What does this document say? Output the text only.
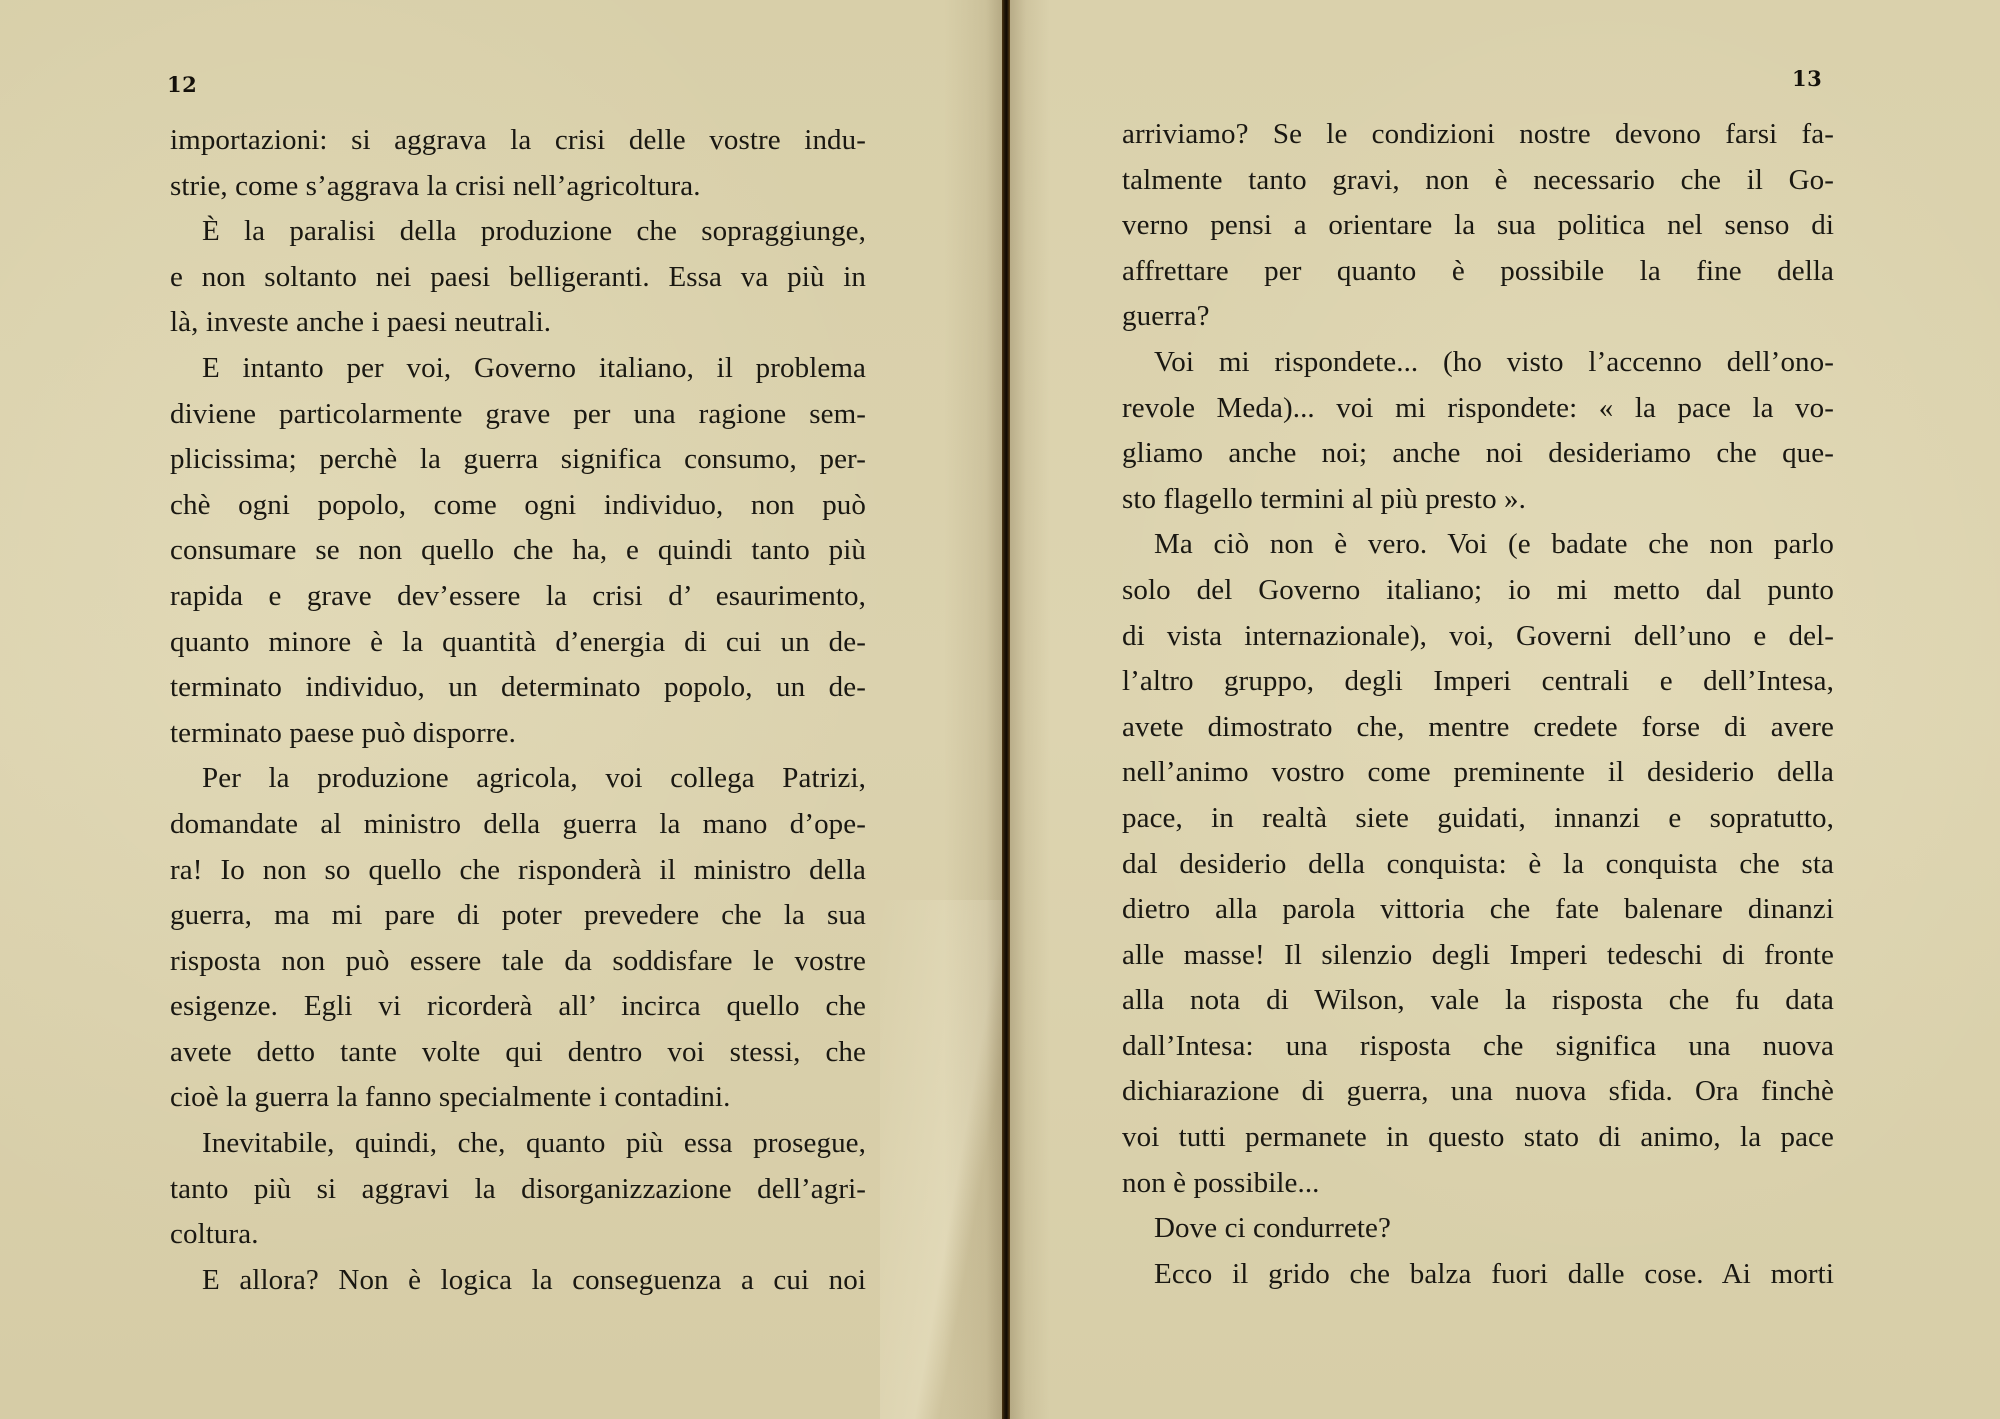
12
importazioni: si aggrava la crisi delle vostre indu-
strie, come s’aggrava la crisi nell’agricoltura.
È la paralisi della produzione che sopraggiunge,
e non soltanto nei paesi belligeranti. Essa va più in
là, investe anche i paesi neutrali.
E intanto per voi, Governo italiano, il problema
diviene particolarmente grave per una ragione sem-
plicissima; perchè la guerra significa consumo, per-
chè ogni popolo, come ogni individuo, non può
consumare se non quello che ha, e quindi tanto più
rapida e grave dev’essere la crisi d’ esaurimento,
quanto minore è la quantità d’energia di cui un de-
terminato individuo, un determinato popolo, un de-
terminato paese può disporre.
Per la produzione agricola, voi collega Patrizi,
domandate al ministro della guerra la mano d’ope-
ra! Io non so quello che risponderà il ministro della
guerra, ma mi pare di poter prevedere che la sua
risposta non può essere tale da soddisfare le vostre
esigenze. Egli vi ricorderà all’ incirca quello che
avete detto tante volte qui dentro voi stessi, che
cioè la guerra la fanno specialmente i contadini.
Inevitabile, quindi, che, quanto più essa prosegue,
tanto più si aggravi la disorganizzazione dell’agri-
coltura.
E allora? Non è logica la conseguenza a cui noi
13
arriviamo? Se le condizioni nostre devono farsi fa-
talmente tanto gravi, non è necessario che il Go-
verno pensi a orientare la sua politica nel senso di
affrettare per quanto è possibile la fine della
guerra?
Voi mi rispondete... (ho visto l’accenno dell’ono-
revole Meda)... voi mi rispondete: « la pace la vo-
gliamo anche noi; anche noi desideriamo che que-
sto flagello termini al più presto ».
Ma ciò non è vero. Voi (e badate che non parlo
solo del Governo italiano; io mi metto dal punto
di vista internazionale), voi, Governi dell’uno e del-
l’altro gruppo, degli Imperi centrali e dell’Intesa,
avete dimostrato che, mentre credete forse di avere
nell’animo vostro come preminente il desiderio della
pace, in realtà siete guidati, innanzi e sopratutto,
dal desiderio della conquista: è la conquista che sta
dietro alla parola vittoria che fate balenare dinanzi
alle masse! Il silenzio degli Imperi tedeschi di fronte
alla nota di Wilson, vale la risposta che fu data
dall’Intesa: una risposta che significa una nuova
dichiarazione di guerra, una nuova sfida. Ora finchè
voi tutti permanete in questo stato di animo, la pace
non è possibile...
Dove ci condurrete?
Ecco il grido che balza fuori dalle cose. Ai morti
